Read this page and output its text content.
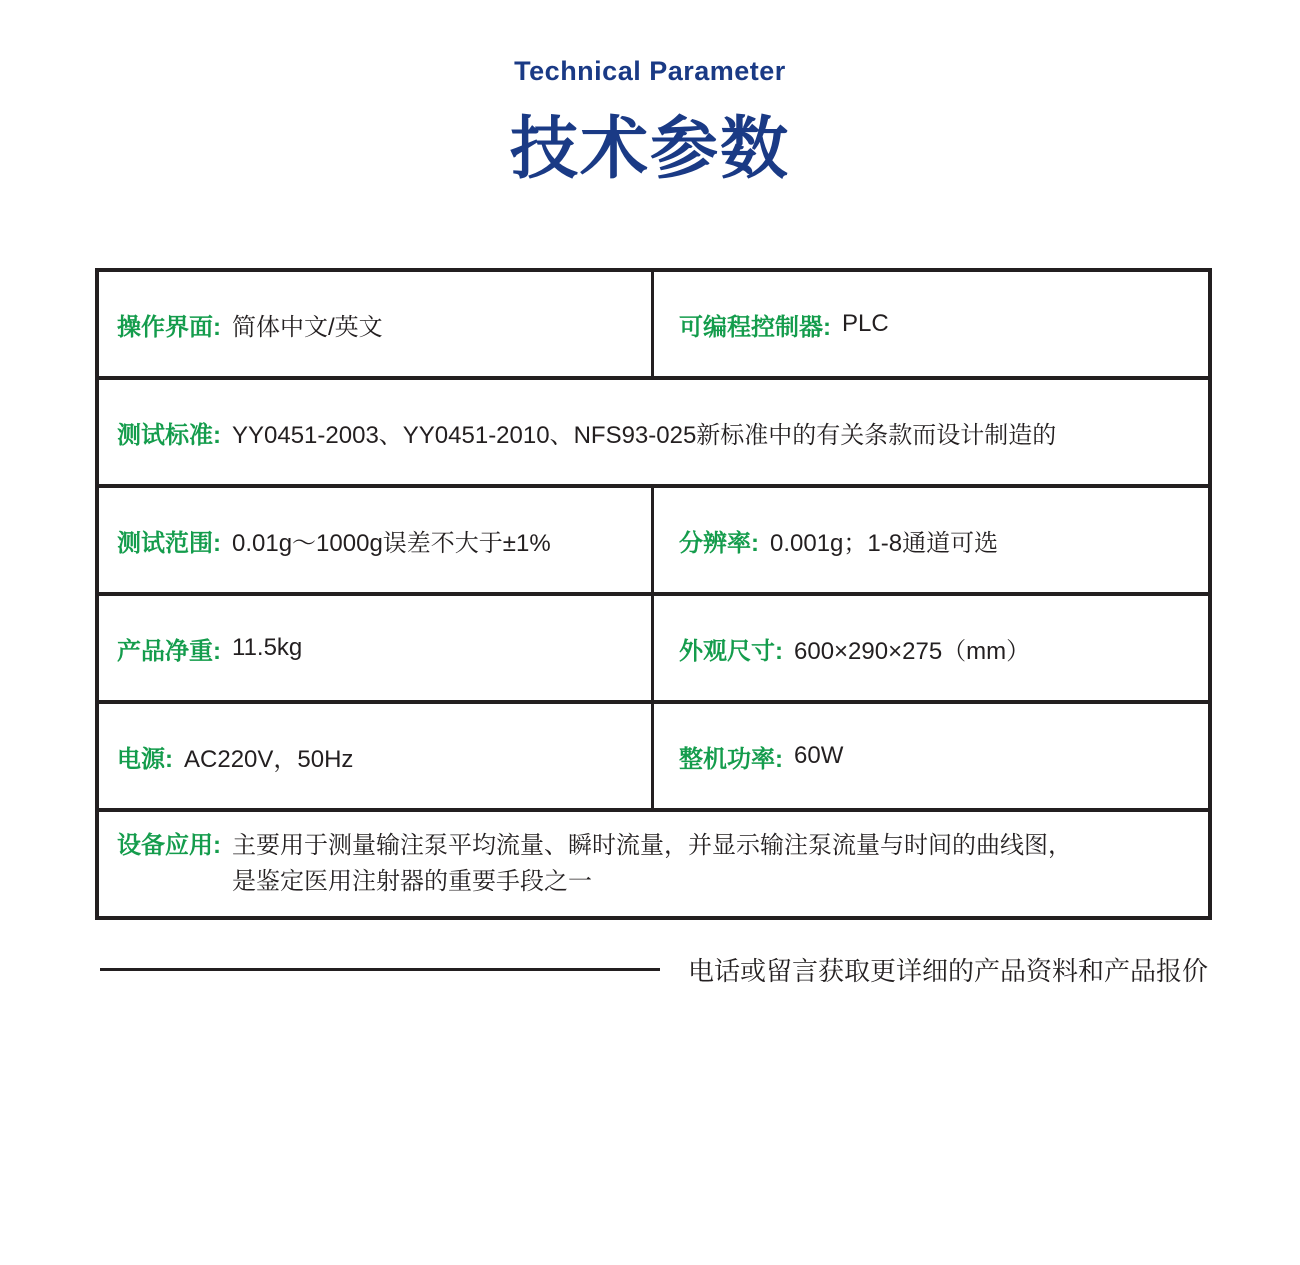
Technical Parameter
技术参数
操作界面: 简体中文/英文	可编程控制器: PLC
测试标准: YY0451-2003、YY0451-2010、NFS93-025新标准中的有关条款而设计制造的
测试范围: 0.01g～1000g误差不大于±1%	分辨率: 0.001g；1-8通道可选
产品净重: 11.5kg	外观尺寸: 600×290×275（mm）
电源: AC220V，50Hz	整机功率: 60W
设备应用: 主要用于测量输注泵平均流量、瞬时流量，并显示输注泵流量与时间的曲线图，
是鉴定医用注射器的重要手段之一
电话或留言获取更详细的产品资料和产品报价
